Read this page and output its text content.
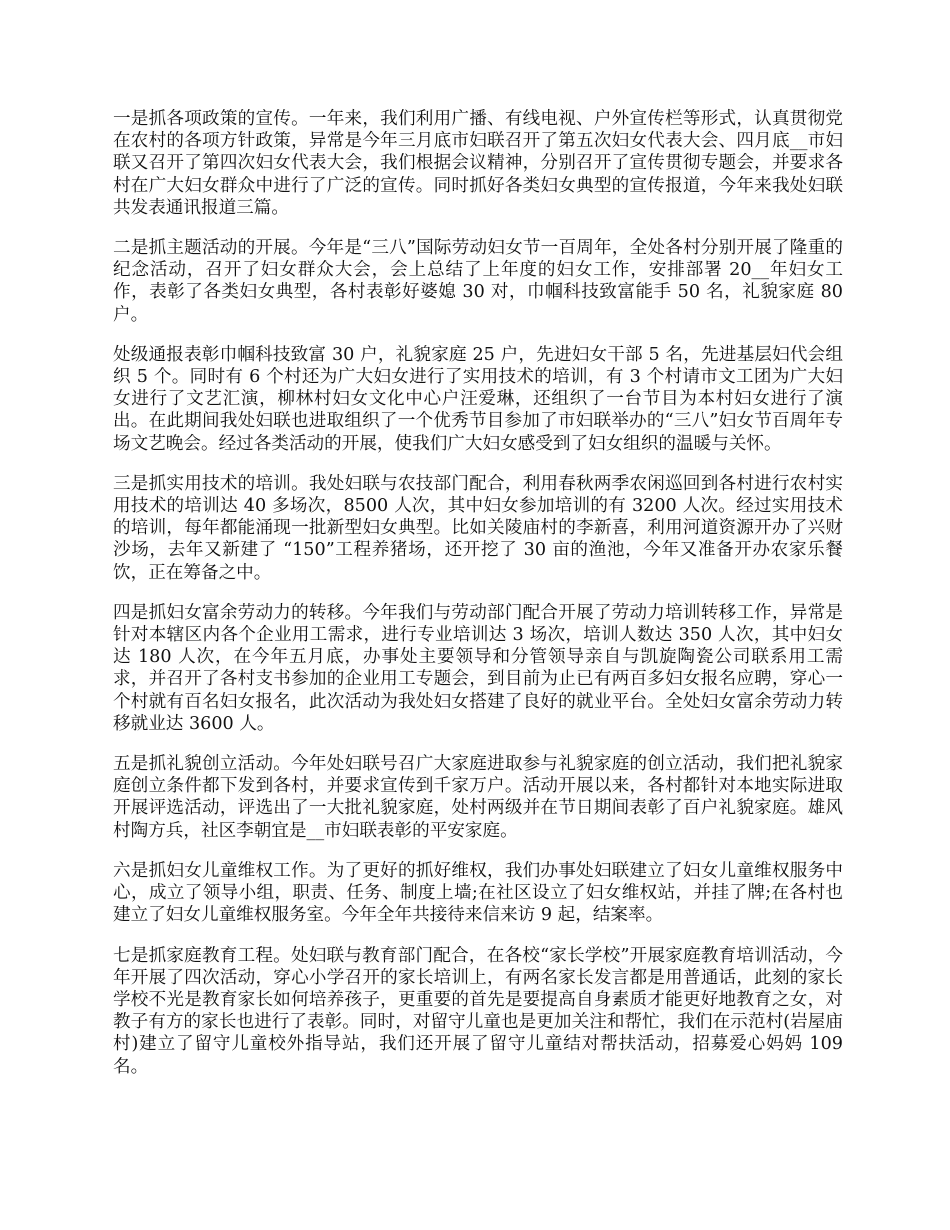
一是抓各项政策的宣传。一年来，我们利用广播、有线电视、户外宣传栏等形式，认真贯彻党在农村的各项方针政策，异常是今年三月底市妇联召开了第五次妇女代表大会、四月底__市妇联又召开了第四次妇女代表大会，我们根据会议精神，分别召开了宣传贯彻专题会，并要求各村在广大妇女群众中进行了广泛的宣传。同时抓好各类妇女典型的宣传报道，今年来我处妇联共发表通讯报道三篇。

二是抓主题活动的开展。今年是“三八”国际劳动妇女节一百周年，全处各村分别开展了隆重的纪念活动，召开了妇女群众大会，会上总结了上年度的妇女工作，安排部署 20__年妇女工作，表彰了各类妇女典型，各村表彰好婆媳 30 对，巾帼科技致富能手 50 名，礼貌家庭 80 户。

处级通报表彰巾帼科技致富 30 户，礼貌家庭 25 户，先进妇女干部 5 名，先进基层妇代会组织 5 个。同时有 6 个村还为广大妇女进行了实用技术的培训，有 3 个村请市文工团为广大妇女进行了文艺汇演，柳林村妇女文化中心户汪爱琳，还组织了一台节目为本村妇女进行了演出。在此期间我处妇联也进取组织了一个优秀节目参加了市妇联举办的“三八”妇女节百周年专场文艺晚会。经过各类活动的开展，使我们广大妇女感受到了妇女组织的温暖与关怀。

三是抓实用技术的培训。我处妇联与农技部门配合，利用春秋两季农闲巡回到各村进行农村实用技术的培训达 40 多场次，8500 人次，其中妇女参加培训的有 3200 人次。经过实用技术的培训，每年都能涌现一批新型妇女典型。比如关陵庙村的李新喜，利用河道资源开办了兴财沙场，去年又新建了 “150”工程养猪场，还开挖了 30 亩的渔池，今年又准备开办农家乐餐饮，正在筹备之中。

四是抓妇女富余劳动力的转移。今年我们与劳动部门配合开展了劳动力培训转移工作，异常是针对本辖区内各个企业用工需求，进行专业培训达 3 场次，培训人数达 350 人次，其中妇女达 180 人次，在今年五月底，办事处主要领导和分管领导亲自与凯旋陶瓷公司联系用工需求，并召开了各村支书参加的企业用工专题会，到目前为止已有两百多妇女报名应聘，穿心一个村就有百名妇女报名，此次活动为我处妇女搭建了良好的就业平台。全处妇女富余劳动力转移就业达 3600 人。

五是抓礼貌创立活动。今年处妇联号召广大家庭进取参与礼貌家庭的创立活动，我们把礼貌家庭创立条件都下发到各村，并要求宣传到千家万户。活动开展以来，各村都针对本地实际进取开展评选活动，评选出了一大批礼貌家庭，处村两级并在节日期间表彰了百户礼貌家庭。雄风村陶方兵，社区李朝宜是__市妇联表彰的平安家庭。

六是抓妇女儿童维权工作。为了更好的抓好维权，我们办事处妇联建立了妇女儿童维权服务中心，成立了领导小组，职责、任务、制度上墙;在社区设立了妇女维权站，并挂了牌;在各村也建立了妇女儿童维权服务室。今年全年共接待来信来访 9 起，结案率。

七是抓家庭教育工程。处妇联与教育部门配合，在各校“家长学校”开展家庭教育培训活动，今年开展了四次活动，穿心小学召开的家长培训上，有两名家长发言都是用普通话，此刻的家长学校不光是教育家长如何培养孩子，更重要的首先是要提高自身素质才能更好地教育之女，对教子有方的家长也进行了表彰。同时，对留守儿童也是更加关注和帮忙，我们在示范村(岩屋庙村)建立了留守儿童校外指导站，我们还开展了留守儿童结对帮扶活动，招募爱心妈妈 109 名。
